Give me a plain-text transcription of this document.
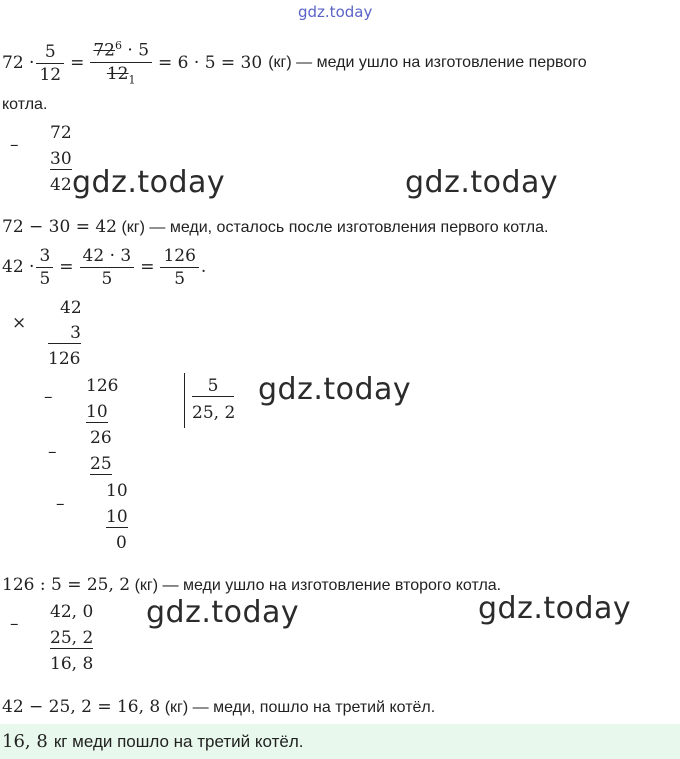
gdz.today
$72 \cdot \frac{5}{12} = \frac{72^6 \cdot 5}{12_1} = 6 \cdot 5 = 30$ (кг) — меди ушло на изготовление первого
котла.
–
72
30
42 gdz.today	gdz.today
72 − 30 = 42 (кг) — меди, осталось после изготовления первого котла.
$42 \cdot \frac{3}{5} = \frac{42 \cdot 3}{5} = \frac{126}{5}$ .
×
42
3
126
–
126
10
–
26
25
–
10
10
0
5
25, 2
gdz.today
126 : 5 = 25, 2 (кг) — меди ушло на изготовление второго котла.
–
42, 0
25, 2
16, 8
gdz.today	gdz.today
42 − 25, 2 = 16, 8 (кг) — меди, пошло на третий котёл.
16, 8 кг меди пошло на третий котёл.
